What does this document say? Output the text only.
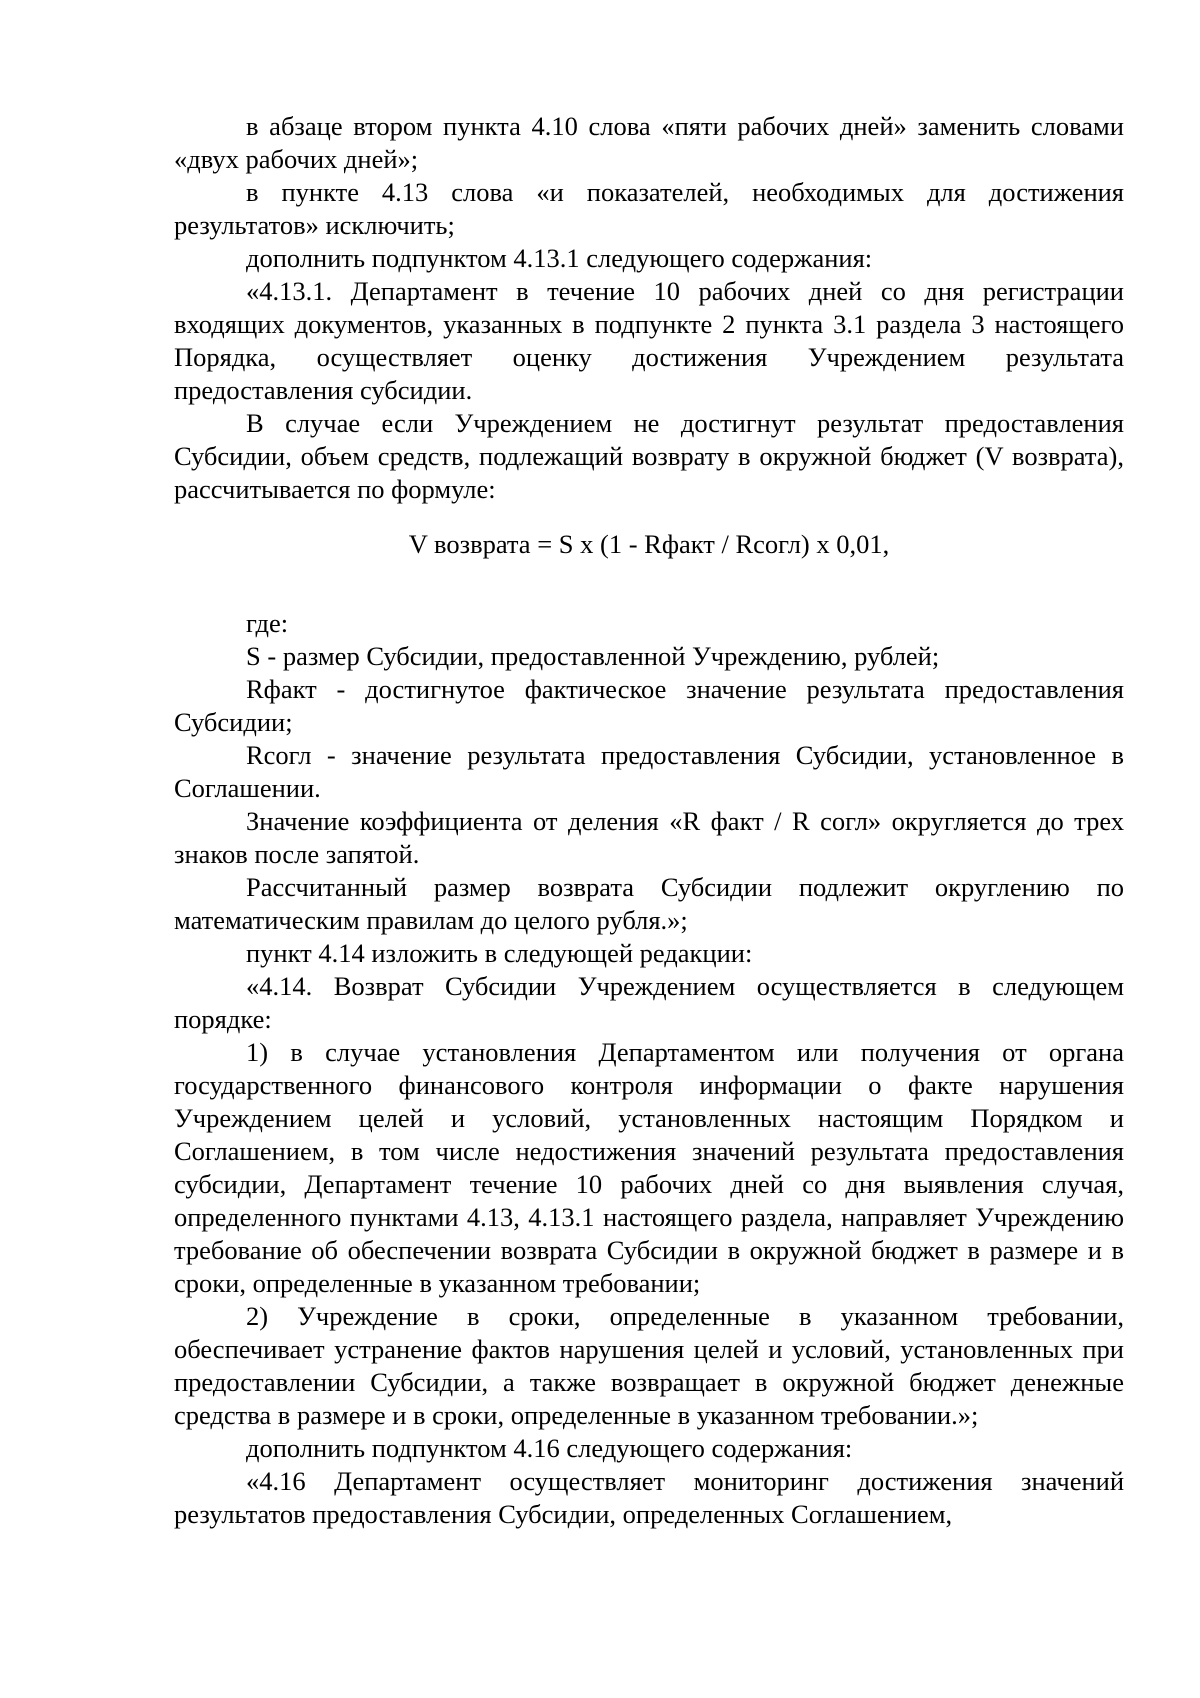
в абзаце втором пункта 4.10 слова «пяти рабочих дней» заменить словами «двух рабочих дней»;

в пункте 4.13 слова «и показателей, необходимых для достижения результатов» исключить;

дополнить подпунктом 4.13.1 следующего содержания:

«4.13.1. Департамент в течение 10 рабочих дней со дня регистрации входящих документов, указанных в подпункте 2 пункта 3.1 раздела 3 настоящего Порядка, осуществляет оценку достижения Учреждением результата предоставления субсидии.

В случае если Учреждением не достигнут результат предоставления Субсидии, объем средств, подлежащий возврату в окружной бюджет (V возврата), рассчитывается по формуле:

V возврата = S x (1 - Rфакт / Rсогл) x 0,01,

где:

S - размер Субсидии, предоставленной Учреждению, рублей;

Rфакт - достигнутое фактическое значение результата предоставления Субсидии;

Rсогл - значение результата предоставления Субсидии, установленное в Соглашении.

Значение коэффициента от деления «R факт / R согл» округляется до трех знаков после запятой.

Рассчитанный размер возврата Субсидии подлежит округлению по математическим правилам до целого рубля.»;

пункт 4.14 изложить в следующей редакции:

«4.14. Возврат Субсидии Учреждением осуществляется в следующем порядке:

1) в случае установления Департаментом или получения от органа государственного финансового контроля информации о факте нарушения Учреждением целей и условий, установленных настоящим Порядком и Соглашением, в том числе недостижения значений результата предоставления субсидии, Департамент течение 10 рабочих дней со дня выявления случая, определенного пунктами 4.13, 4.13.1 настоящего раздела, направляет Учреждению требование об обеспечении возврата Субсидии в окружной бюджет в размере и в сроки, определенные в указанном требовании;

2) Учреждение в сроки, определенные в указанном требовании, обеспечивает устранение фактов нарушения целей и условий, установленных при предоставлении Субсидии, а также возвращает в окружной бюджет денежные средства в размере и в сроки, определенные в указанном требовании.»;

дополнить подпунктом 4.16 следующего содержания:

«4.16 Департамент осуществляет мониторинг достижения значений результатов предоставления Субсидии, определенных Соглашением,
